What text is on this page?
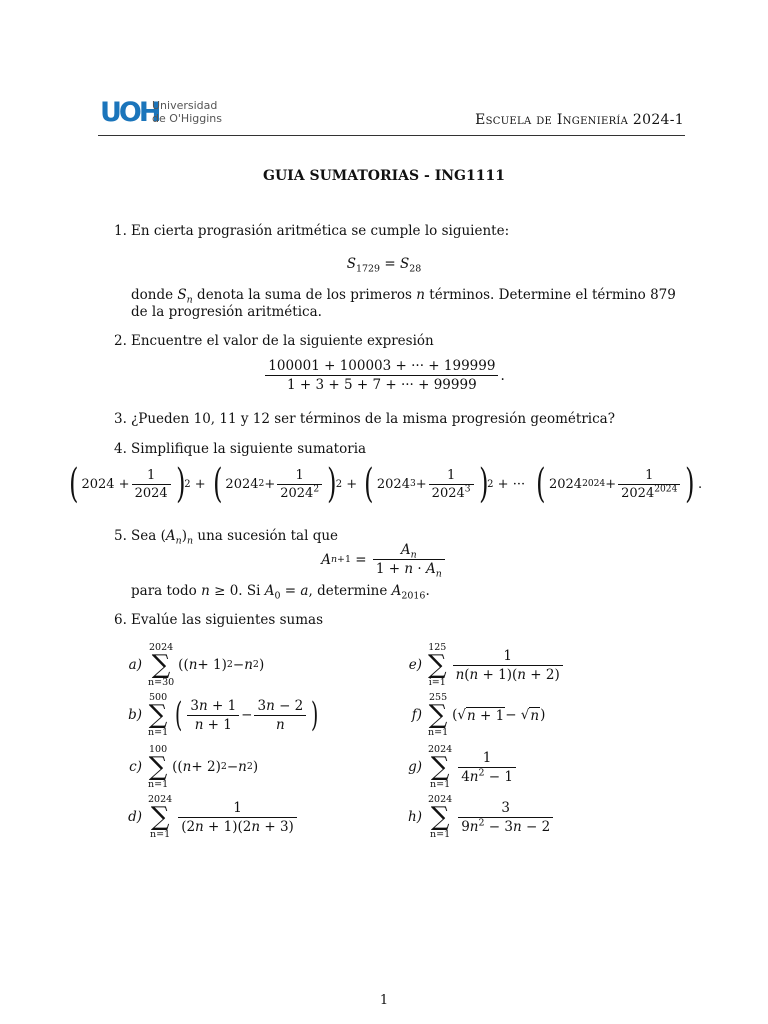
UOH
Universidad
de O'Higgins	Escuela de Ingeniería 2024-1
GUIA SUMATORIAS - ING1111
1. En cierta prograsión aritmética se cumple lo siguiente:
$S_{1729} = S_{28}$
donde $S_n$ denota la suma de los primeros n términos. Determine el término 879 de la progresión aritmética.
2. Encuentre el valor de la siguiente expresión
$\frac{100001 + 100003 + \cdot\cdot\cdot + 199999}{1 + 3 + 5 + 7 + \cdot\cdot\cdot + 99999}$ .
3. ¿Pueden 10, 11 y 12 ser términos de la misma progresión geométrica?
4. Simplifique la siguiente sumatoria
( $2024 + \frac{1}{2024}$ ) 2 + ( 2024 $2 + \frac{1}{2024^2}$ ) 2 + ( 2024 $3 + \frac{1}{2024^3}$ ) 2 + ··· ( 2024 $2024 + \frac{1}{2024^{2024}}$ ) .
5. Sea $(A_n)_n$ una sucesión tal que
A $n+1 = \frac{A_n}{1 + n \cdot A_n}$
para todo n ≥ 0. Si $A_0 = a$, determine $A_{2016}$.
6. Evalúe las siguientes sumas
a)
2024
∑
n=30
(( n + 1) 2 − n 2 )
b)
500
∑
n=1 ( $\frac{3n + 1}{n + 1} - \frac{3n - 2}{n}$ )
c)
100
∑
n=1
(( n + 2) 2 − n 2 )
d)
2024
∑
$n=1 \frac{1}{(2n + 1)(2n + 3)}$
e)
125
∑
$i=1 \frac{1}{n(n + 1)(n + 2)}$
f)
255
∑
n=1
(√ n + 1 − √ n )
g)
2024
∑
$n=1 \frac{1}{4n^2 - 1}$
h)
2024
∑
$n=1 \frac{3}{9n^2 - 3n - 2}$
1
